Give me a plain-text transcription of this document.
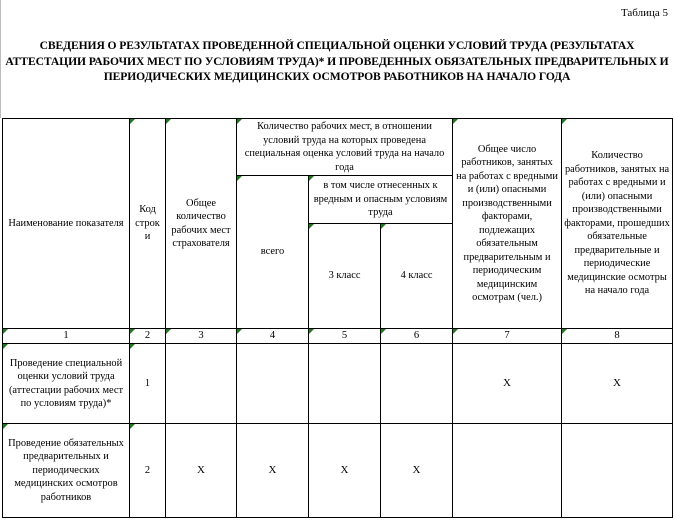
Таблица 5
СВЕДЕНИЯ О РЕЗУЛЬТАТАХ ПРОВЕДЕННОЙ СПЕЦИАЛЬНОЙ ОЦЕНКИ УСЛОВИЙ ТРУДА (РЕЗУЛЬТАТАХ АТТЕСТАЦИИ РАБОЧИХ МЕСТ ПО УСЛОВИЯМ ТРУДА)* И ПРОВЕДЕННЫХ ОБЯЗАТЕЛЬНЫХ ПРЕДВАРИТЕЛЬНЫХ И ПЕРИОДИЧЕСКИХ МЕДИЦИНСКИХ ОСМОТРОВ РАБОТНИКОВ НА НАЧАЛО ГОДА
Наименование показателя	Код строк и	Общее количество рабочих мест страхователя	Количество рабочих мест, в отношении условий труда на которых проведена специальная оценка условий труда на начало года			Общее число работников, занятых на работах с вредными и (или) опасными производственными факторами, подлежащих обязательным предварительным и периодическим медицинским осмотрам (чел.)	Количество работников, занятых на работах с вредными и (или) опасными производственными факторами, прошедших обязательные предварительные и периодические медицинские осмотры на начало года
			всего	в том числе отнесенных к вредным и опасным условиям труда			
				3 класс	4 класс		

1	2	3	4	5	6	7	8
Проведение специальной оценки условий труда (аттестации рабочих мест по условиям труда)*	1					X	X
Проведение обязательных предварительных и периодических медицинских осмотров работников	2	X	X	X	X		
